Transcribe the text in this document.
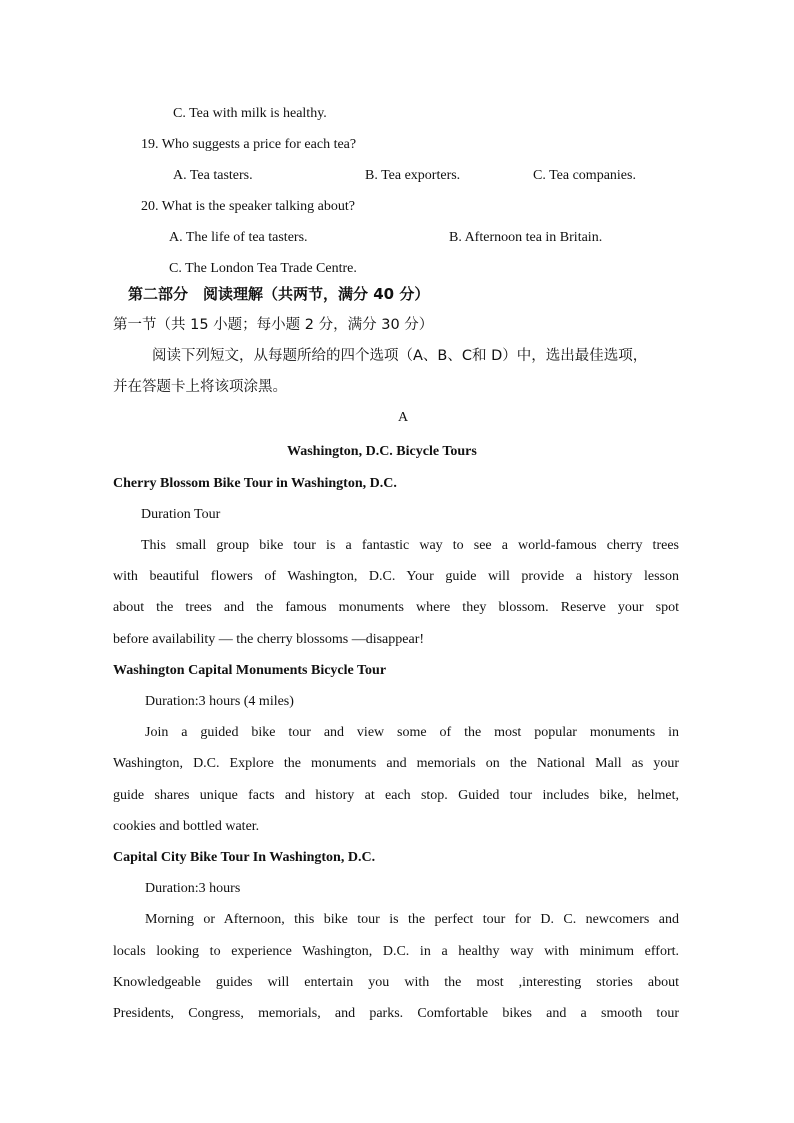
C. Tea with milk is healthy.
19. Who suggests a price for each tea?
A. Tea tasters.	B. Tea exporters.	C. Tea companies.
20. What is the speaker talking about?
A. The life of tea tasters.	B. Afternoon tea in Britain.
C. The London Tea Trade Centre.
第二部分　阅读理解（共两节，满分 40 分）
第一节（共 15 小题；每小题 2 分，满分 30 分）
阅读下列短文，从每题所给的四个选项（A、B、C和 D）中，选出最佳选项，
并在答题卡上将该项涂黑。
A
Washington, D.C. Bicycle Tours
Cherry Blossom Bike Tour in Washington, D.C.
Duration Tour
This small group bike tour is a fantastic way to see a world-famous cherry trees
with beautiful flowers of Washington, D.C. Your guide will provide a history lesson
about the trees and the famous monuments where they blossom. Reserve your spot
before availability — the cherry blossoms —disappear!
Washington Capital Monuments Bicycle Tour
Duration:3 hours (4 miles)
Join a guided bike tour and view some of the most popular monuments in
Washington, D.C. Explore the monuments and memorials on the National Mall as your
guide shares unique facts and history at each stop. Guided tour includes bike, helmet,
cookies and bottled water.
Capital City Bike Tour In Washington, D.C.
Duration:3 hours
Morning or Afternoon, this bike tour is the perfect tour for D. C. newcomers and
locals looking to experience Washington, D.C. in a healthy way with minimum effort.
Knowledgeable guides will entertain you with the most ,interesting stories about
Presidents, Congress, memorials, and parks. Comfortable bikes and a smooth tour
